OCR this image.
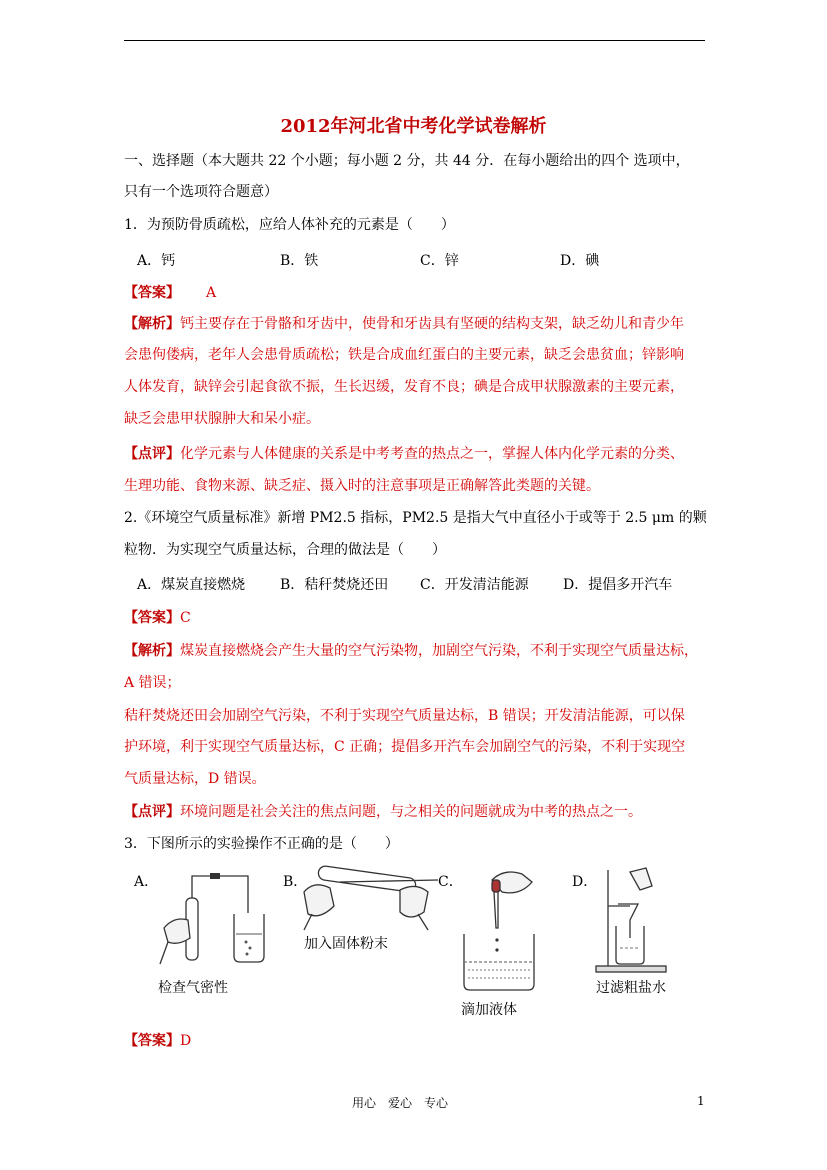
2012年河北省中考化学试卷解析
一、选择题（本大题共 22 个小题；每小题 2 分，共 44 分．在每小题给出的四个 选项中，
只有一个选项符合题意）
1．为预防骨质疏松，应给人体补充的元素是（　　）
A．钙	B．铁	C．锌	D．碘
【答案】 A
【解析】钙主要存在于骨骼和牙齿中，使骨和牙齿具有坚硬的结构支架，缺乏幼儿和青少年
会患佝偻病，老年人会患骨质疏松；铁是合成血红蛋白的主要元素，缺乏会患贫血；锌影响
人体发育，缺锌会引起食欲不振，生长迟缓，发育不良；碘是合成甲状腺激素的主要元素，
缺乏会患甲状腺肿大和呆小症。
【点评】化学元素与人体健康的关系是中考考查的热点之一，掌握人体内化学元素的分类、
生理功能、食物来源、缺乏症、摄入时的注意事项是正确解答此类题的关键。
2.《环境空气质量标准》新增 PM2.5 指标，PM2.5 是指大气中直径小于或等于 2.5 μm 的颗
粒物．为实现空气质量达标，合理的做法是（　　）
A．煤炭直接燃烧 B．秸秆焚烧还田 C．开发清洁能源 D．提倡多开汽车
【答案】C
【解析】煤炭直接燃烧会产生大量的空气污染物，加剧空气污染，不利于实现空气质量达标，
A 错误；
秸秆焚烧还田会加剧空气污染，不利于实现空气质量达标，B 错误；开发清洁能源，可以保
护环境，利于实现空气质量达标，C 正确；提倡多开汽车会加剧空气的污染，不利于实现空
气质量达标，D 错误。
【点评】环境问题是社会关注的焦点问题，与之相关的问题就成为中考的热点之一。
3．下图所示的实验操作不正确的是（　　）
A．	B．	C．	D．
加入固体粉末
检查气密性	过滤粗盐水
滴加液体
【答案】D
用心　爱心　专心	1
